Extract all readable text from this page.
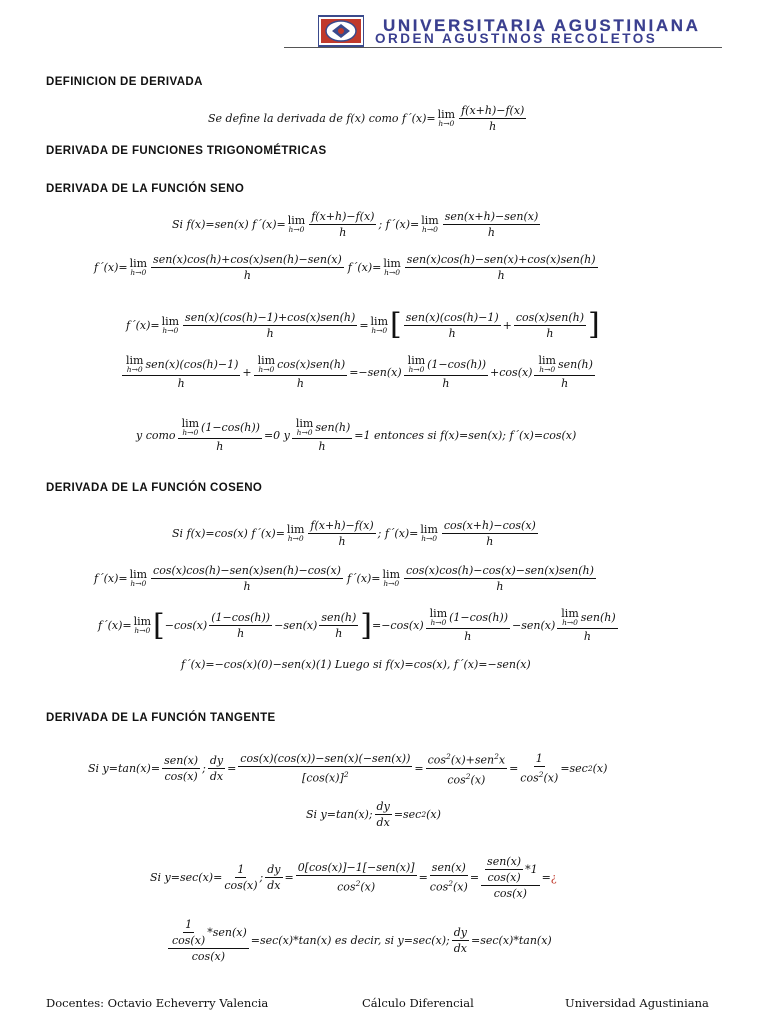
UNIVERSITARIA AGUSTINIANA
ORDEN AGUSTINOS RECOLETOS
DEFINICION DE DERIVADA
Se define la derivada de f(x) como f´(x)= lim
$h\to 0 \frac{f(x+h)-f(x)}{h}$
DERIVADA DE FUNCIONES TRIGONOMÉTRICAS
DERIVADA DE LA FUNCIÓN SENO
Si f(x)=sen(x) f´(x)= lim
$h\to 0 \frac{f(x+h)-f(x)}{h}$ ; f´(x)= lim
$h\to 0 \frac{\text{sen(x+h)−sen(x)}}{h}$
f´(x)= lim
$h\to 0 \frac{\text{sen(x)cos(h)+cos(x)sen(h)−sen(x)}}{h}$ f´(x)= lim
$h\to 0 \frac{\text{sen(x)cos(h)−sen(x)+cos(x)sen(h)}}{h}$
f´(x)= lim
$h\to 0 \frac{\text{sen(x)(cos(h)−1)+cos(x)sen(h)}}{h} = \lim$
h→0 [ $\frac{\text{sen(x)(cos(h)−1)}}{h} + \frac{\text{cos(x)sen(h)}}{h}$ ]
lim
h→0 sen(x)(cos(h)−1)
h + lim
h→0 cos(x)sen(h)
h =−sen(x) lim
h→0 (1−cos(h))
h +cos(x) lim
h→0 sen(h)
h
y como lim
h→0 (1−cos(h))
h =0 y lim
h→0 sen(h)
h =1 entonces si f(x)=sen(x); f´(x)=cos(x)
DERIVADA DE LA FUNCIÓN COSENO
Si f(x)=cos(x) f´(x)= lim
$h\to 0 \frac{f(x+h)-f(x)}{h}$ ; f´(x)= lim
$h\to 0 \frac{\cos(x+h)-\cos(x)}{h}$
f´(x)= lim
$h\to 0 \frac{\text{cos(x)cos(h)−sen(x)sen(h)−cos(x)}}{h}$ f´(x)= lim
$h\to 0 \frac{\text{cos(x)cos(h)−cos(x)−sen(x)sen(h)}}{h}$
f´(x)= lim
h→0 [ $-\cos(x) \frac{(1-\cos(h))}{h} -sen(x) \frac{\text{sen(h)}}{h}$ ] =−cos(x) lim
h→0 (1−cos(h))
h −sen(x) lim
h→0 sen(h)
h
f´(x)=−cos(x)(0)−sen(x)(1) Luego si f(x)=cos(x), f´(x)=−sen(x)
DERIVADA DE LA FUNCIÓN TANGENTE
Si $y=\tan(x)= \frac{\text{sen(x)}}{\cos(x)}$ ; $\frac{dy}{dx} = \frac{\text{cos(x)(cos(x))−sen(x)(−sen(x))}}{[\cos(x)]^2} = \frac{\cos^2(x)+sen^2x}{\cos^2(x)} = \frac{1}{\cos^2(x)} =\sec$ 2 (x)
Si y=tan(x); $\frac{dy}{dx} =\sec$ 2 (x)
Si $y=\sec(x)= \frac{1}{\cos(x)}$ ; $\frac{dy}{dx} = \frac{\text{0[cos(x)]−1[−sen(x)]}}{\cos^2(x)} = \frac{\text{sen(x)}}{\cos^2(x)} = \frac{\frac{\text{sen(x)}}{\cos(x)} *1}{\cos(x)}$ = ¿
$\frac{\frac{1}{\cos(x)} *sen(x)}{\cos(x)} =\sec(x)*\tan(x)$ es decir, si y=sec(x); $\frac{dy}{dx} =\sec(x)*\tan(x)$
Docentes: Octavio Echeverry Valencia	Cálculo Diferencial	Universidad Agustiniana
